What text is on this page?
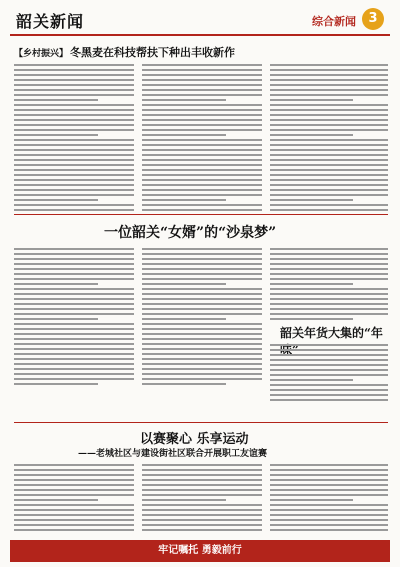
韶关新闻	综合新闻 3
【乡村振兴】 冬黑麦在科技帮扶下种出丰收新作
一位韶关“女婿”的“沙泉梦”
韶关年货大集的“年
以赛聚心 乐享运动
——老城社区与建设街社区联合开展职工友谊赛
牢记嘱托 勇毅前行
